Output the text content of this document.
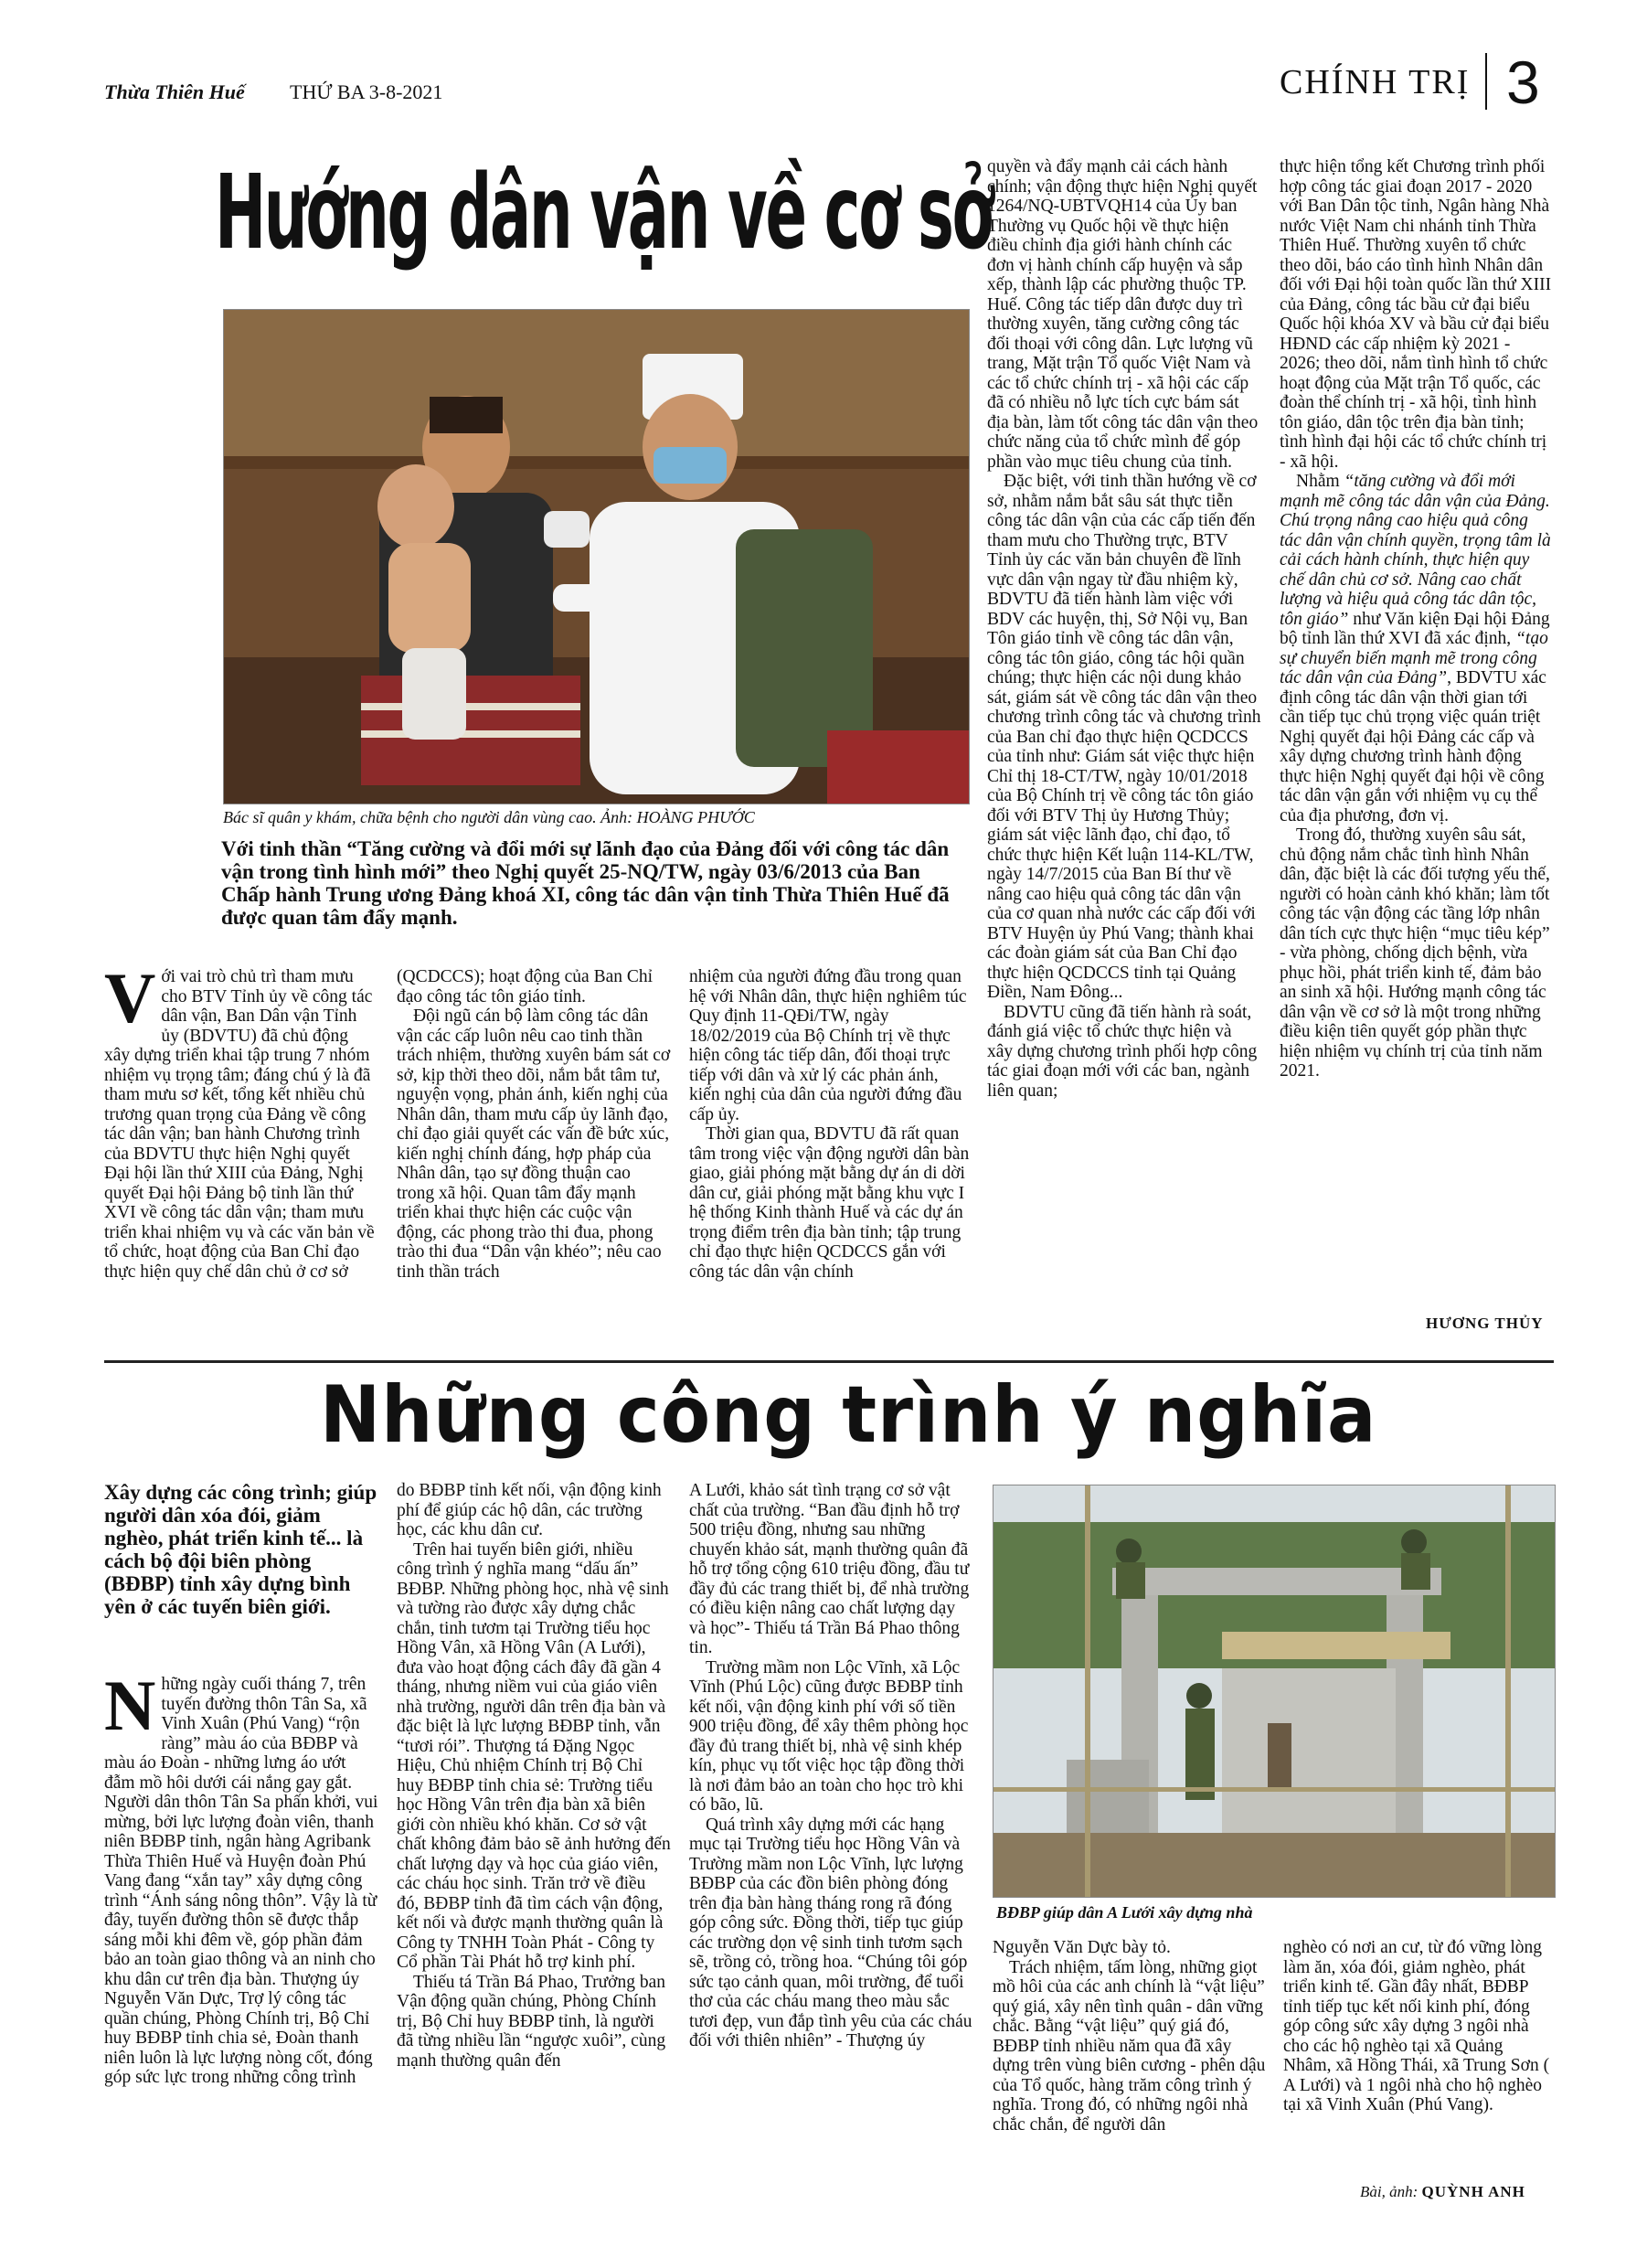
Thừa Thiên Huế THỨ BA 3-8-2021	CHÍNH TRỊ 3
Hướng dân vận về cơ sở
Bác sĩ quân y khám, chữa bệnh cho người dân vùng cao. Ảnh: HOÀNG PHƯỚC
Với tinh thần “Tăng cường và đổi mới sự lãnh đạo của Đảng đối với công tác dân vận trong tình hình mới” theo Nghị quyết 25-NQ/TW, ngày 03/6/2013 của Ban Chấp hành Trung ương Đảng khoá XI, công tác dân vận tỉnh Thừa Thiên Huế đã được quan tâm đẩy mạnh.

Với vai trò chủ trì tham mưu cho BTV Tỉnh ủy về công tác dân vận, Ban Dân vận Tỉnh ủy (BDVTU) đã chủ động xây dựng triển khai tập trung 7 nhóm nhiệm vụ trọng tâm; đáng chú ý là đã tham mưu sơ kết, tổng kết nhiều chủ trương quan trọng của Đảng về công tác dân vận; ban hành Chương trình của BDVTU thực hiện Nghị quyết Đại hội lần thứ XIII của Đảng, Nghị quyết Đại hội Đảng bộ tỉnh lần thứ XVI về công tác dân vận; tham mưu triển khai nhiệm vụ và các văn bản về tổ chức, hoạt động của Ban Chỉ đạo thực hiện quy chế dân chủ ở cơ sở

(QCDCCS); hoạt động của Ban Chỉ đạo công tác tôn giáo tỉnh.

Đội ngũ cán bộ làm công tác dân vận các cấp luôn nêu cao tinh thần trách nhiệm, thường xuyên bám sát cơ sở, kịp thời theo dõi, nắm bắt tâm tư, nguyện vọng, phản ánh, kiến nghị của Nhân dân, tham mưu cấp ủy lãnh đạo, chỉ đạo giải quyết các vấn đề bức xúc, kiến nghị chính đáng, hợp pháp của Nhân dân, tạo sự đồng thuận cao trong xã hội. Quan tâm đẩy mạnh triển khai thực hiện các cuộc vận động, các phong trào thi đua, phong trào thi đua “Dân vận khéo”; nêu cao tinh thần trách

nhiệm của người đứng đầu trong quan hệ với Nhân dân, thực hiện nghiêm túc Quy định 11-QĐi/TW, ngày 18/02/2019 của Bộ Chính trị về thực hiện công tác tiếp dân, đối thoại trực tiếp với dân và xử lý các phản ánh, kiến nghị của dân của người đứng đầu cấp ủy.

Thời gian qua, BDVTU đã rất quan tâm trong việc vận động người dân bàn giao, giải phóng mặt bằng dự án di dời dân cư, giải phóng mặt bằng khu vực I hệ thống Kinh thành Huế và các dự án trọng điểm trên địa bàn tỉnh; tập trung chỉ đạo thực hiện QCDCCS gắn với công tác dân vận chính

quyền và đẩy mạnh cải cách hành chính; vận động thực hiện Nghị quyết 1264/NQ-UBTVQH14 của Ủy ban Thường vụ Quốc hội về thực hiện điều chỉnh địa giới hành chính các đơn vị hành chính cấp huyện và sắp xếp, thành lập các phường thuộc TP. Huế. Công tác tiếp dân được duy trì thường xuyên, tăng cường công tác đối thoại với công dân. Lực lượng vũ trang, Mặt trận Tổ quốc Việt Nam và các tổ chức chính trị - xã hội các cấp đã có nhiều nỗ lực tích cực bám sát địa bàn, làm tốt công tác dân vận theo chức năng của tổ chức mình để góp phần vào mục tiêu chung của tỉnh.

Đặc biệt, với tinh thần hướng về cơ sở, nhằm nắm bắt sâu sát thực tiễn công tác dân vận của các cấp tiến đến tham mưu cho Thường trực, BTV Tỉnh ủy các văn bản chuyên đề lĩnh vực dân vận ngay từ đầu nhiệm kỳ, BDVTU đã tiến hành làm việc với BDV các huyện, thị, Sở Nội vụ, Ban Tôn giáo tỉnh về công tác dân vận, công tác tôn giáo, công tác hội quần chúng; thực hiện các nội dung khảo sát, giám sát về công tác dân vận theo chương trình công tác và chương trình của Ban chỉ đạo thực hiện QCDCCS của tỉnh như: Giám sát việc thực hiện Chỉ thị 18-CT/TW, ngày 10/01/2018 của Bộ Chính trị về công tác tôn giáo đối với BTV Thị ủy Hương Thủy; giám sát việc lãnh đạo, chỉ đạo, tổ chức thực hiện Kết luận 114-KL/TW, ngày 14/7/2015 của Ban Bí thư về nâng cao hiệu quả công tác dân vận của cơ quan nhà nước các cấp đối với BTV Huyện ủy Phú Vang; thành khai các đoàn giám sát của Ban Chỉ đạo thực hiện QCDCCS tỉnh tại Quảng Điền, Nam Đông...

BDVTU cũng đã tiến hành rà soát, đánh giá việc tổ chức thực hiện và xây dựng chương trình phối hợp công tác giai đoạn mới với các ban, ngành liên quan;

thực hiện tổng kết Chương trình phối hợp công tác giai đoạn 2017 - 2020 với Ban Dân tộc tỉnh, Ngân hàng Nhà nước Việt Nam chi nhánh tỉnh Thừa Thiên Huế. Thường xuyên tổ chức theo dõi, báo cáo tình hình Nhân dân đối với Đại hội toàn quốc lần thứ XIII của Đảng, công tác bầu cử đại biểu Quốc hội khóa XV và bầu cử đại biểu HĐND các cấp nhiệm kỳ 2021 - 2026; theo dõi, nắm tình hình tổ chức hoạt động của Mặt trận Tổ quốc, các đoàn thể chính trị - xã hội, tình hình tôn giáo, dân tộc trên địa bàn tỉnh; tình hình đại hội các tổ chức chính trị - xã hội.

Nhằm “tăng cường và đổi mới mạnh mẽ công tác dân vận của Đảng. Chú trọng nâng cao hiệu quả công tác dân vận chính quyền, trọng tâm là cải cách hành chính, thực hiện quy chế dân chủ cơ sở. Nâng cao chất lượng và hiệu quả công tác dân tộc, tôn giáo” như Văn kiện Đại hội Đảng bộ tỉnh lần thứ XVI đã xác định, “tạo sự chuyển biến mạnh mẽ trong công tác dân vận của Đảng”, BDVTU xác định công tác dân vận thời gian tới cần tiếp tục chủ trọng việc quán triệt Nghị quyết đại hội Đảng các cấp và xây dựng chương trình hành động thực hiện Nghị quyết đại hội về công tác dân vận gắn với nhiệm vụ cụ thể của địa phương, đơn vị.

Trong đó, thường xuyên sâu sát, chủ động nắm chắc tình hình Nhân dân, đặc biệt là các đối tượng yếu thế, người có hoàn cảnh khó khăn; làm tốt công tác vận động các tầng lớp nhân dân tích cực thực hiện “mục tiêu kép” - vừa phòng, chống dịch bệnh, vừa phục hồi, phát triển kinh tế, đảm bảo an sinh xã hội. Hướng mạnh công tác dân vận về cơ sở là một trong những điều kiện tiên quyết góp phần thực hiện nhiệm vụ chính trị của tỉnh năm 2021.

HƯƠNG THỦY
Những công trình ý nghĩa
Xây dựng các công trình; giúp người dân xóa đói, giảm nghèo, phát triển kinh tế... là cách bộ đội biên phòng (BĐBP) tỉnh xây dựng bình yên ở các tuyến biên giới.

Những ngày cuối tháng 7, trên tuyến đường thôn Tân Sa, xã Vinh Xuân (Phú Vang) “rộn ràng” màu áo của BĐBP và màu áo Đoàn - những lưng áo ướt đẫm mồ hôi dưới cái nắng gay gắt. Người dân thôn Tân Sa phấn khởi, vui mừng, bởi lực lượng đoàn viên, thanh niên BĐBP tỉnh, ngân hàng Agribank Thừa Thiên Huế và Huyện đoàn Phú Vang đang “xắn tay” xây dựng công trình “Ánh sáng nông thôn”. Vậy là từ đây, tuyến đường thôn sẽ được thắp sáng mỗi khi đêm về, góp phần đảm bảo an toàn giao thông và an ninh cho khu dân cư trên địa bàn. Thượng úy Nguyễn Văn Dực, Trợ lý công tác quần chúng, Phòng Chính trị, Bộ Chỉ huy BĐBP tỉnh chia sẻ, Đoàn thanh niên luôn là lực lượng nòng cốt, đóng góp sức lực trong những công trình

do BĐBP tỉnh kết nối, vận động kinh phí để giúp các hộ dân, các trường học, các khu dân cư.

Trên hai tuyến biên giới, nhiều công trình ý nghĩa mang “dấu ấn” BĐBP. Những phòng học, nhà vệ sinh và tường rào được xây dựng chắc chắn, tinh tươm tại Trường tiểu học Hồng Vân, xã Hồng Vân (A Lưới), đưa vào hoạt động cách đây đã gần 4 tháng, nhưng niềm vui của giáo viên nhà trường, người dân trên địa bàn và đặc biệt là lực lượng BĐBP tỉnh, vẫn “tươi rói”. Thượng tá Đặng Ngọc Hiệu, Chủ nhiệm Chính trị Bộ Chỉ huy BĐBP tỉnh chia sẻ: Trường tiểu học Hồng Vân trên địa bàn xã biên giới còn nhiều khó khăn. Cơ sở vật chất không đảm bảo sẽ ảnh hưởng đến chất lượng dạy và học của giáo viên, các cháu học sinh. Trăn trở về điều đó, BĐBP tỉnh đã tìm cách vận động, kết nối và được mạnh thường quân là Công ty TNHH Toàn Phát - Công ty Cổ phần Tài Phát hỗ trợ kinh phí.

Thiếu tá Trần Bá Phao, Trưởng ban Vận động quần chúng, Phòng Chính trị, Bộ Chỉ huy BĐBP tỉnh, là người đã từng nhiều lần “ngược xuôi”, cùng mạnh thường quân đến

A Lưới, khảo sát tình trạng cơ sở vật chất của trường. “Ban đầu định hỗ trợ 500 triệu đồng, nhưng sau những chuyến khảo sát, mạnh thường quân đã hỗ trợ tổng cộng 610 triệu đồng, đầu tư đầy đủ các trang thiết bị, để nhà trường có điều kiện nâng cao chất lượng dạy và học”- Thiếu tá Trần Bá Phao thông tin.

Trường mầm non Lộc Vĩnh, xã Lộc Vĩnh (Phú Lộc) cũng được BĐBP tỉnh kết nối, vận động kinh phí với số tiền 900 triệu đồng, để xây thêm phòng học đầy đủ trang thiết bị, nhà vệ sinh khép kín, phục vụ tốt việc học tập đồng thời là nơi đảm bảo an toàn cho học trò khi có bão, lũ.

Quá trình xây dựng mới các hạng mục tại Trường tiểu học Hồng Vân và Trường mầm non Lộc Vĩnh, lực lượng BĐBP của các đồn biên phòng đóng trên địa bàn hàng tháng rong rã đóng góp công sức. Đồng thời, tiếp tục giúp các trường dọn vệ sinh tinh tươm sạch sẽ, trồng cỏ, trồng hoa. “Chúng tôi góp sức tạo cảnh quan, môi trường, để tuổi thơ của các cháu mang theo màu sắc tươi đẹp, vun đắp tình yêu của các cháu đối với thiên nhiên” - Thượng úy

BĐBP giúp dân A Lưới xây dựng nhà

Nguyễn Văn Dực bày tỏ.

Trách nhiệm, tấm lòng, những giọt mồ hôi của các anh chính là “vật liệu” quý giá, xây nên tình quân - dân vững chắc. Bằng “vật liệu” quý giá đó, BĐBP tỉnh nhiều năm qua đã xây dựng trên vùng biên cương - phên dậu của Tổ quốc, hàng trăm công trình ý nghĩa. Trong đó, có những ngôi nhà chắc chắn, để người dân

nghèo có nơi an cư, từ đó vững lòng làm ăn, xóa đói, giảm nghèo, phát triển kinh tế. Gần đây nhất, BĐBP tỉnh tiếp tục kết nối kinh phí, đóng góp công sức xây dựng 3 ngôi nhà cho các hộ nghèo tại xã Quảng Nhâm, xã Hồng Thái, xã Trung Sơn ( A Lưới) và 1 ngôi nhà cho hộ nghèo tại xã Vinh Xuân (Phú Vang).

Bài, ảnh: QUỲNH ANH
